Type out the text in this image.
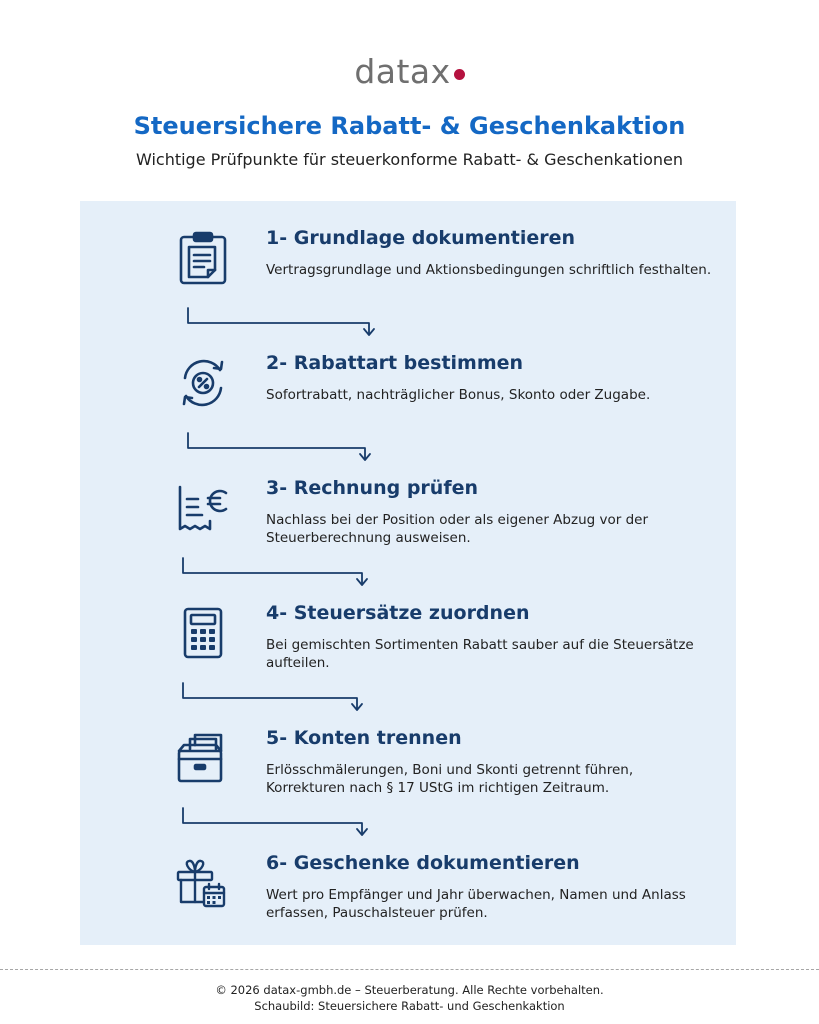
datax
Steuersichere Rabatt- & Geschenkaktion
Wichtige Prüfpunkte für steuerkonforme Rabatt- & Geschenkationen
1- Grundlage dokumentieren
Vertragsgrundlage und Aktionsbedingungen schriftlich festhalten.
2- Rabattart bestimmen
Sofortrabatt, nachträglicher Bonus, Skonto oder Zugabe.
3- Rechnung prüfen
Nachlass bei der Position oder als eigener Abzug vor der Steuerberechnung ausweisen.
4- Steuersätze zuordnen
Bei gemischten Sortimenten Rabatt sauber auf die Steuersätze aufteilen.
5- Konten trennen
Erlösschmälerungen, Boni und Skonti getrennt führen, Korrekturen nach § 17 UStG im richtigen Zeitraum.
6- Geschenke dokumentieren
Wert pro Empfänger und Jahr überwachen, Namen und Anlass erfassen, Pauschalsteuer prüfen.
© 2026 datax-gmbh.de – Steuerberatung. Alle Rechte vorbehalten.
Schaubild: Steuersichere Rabatt- und Geschenkaktion
